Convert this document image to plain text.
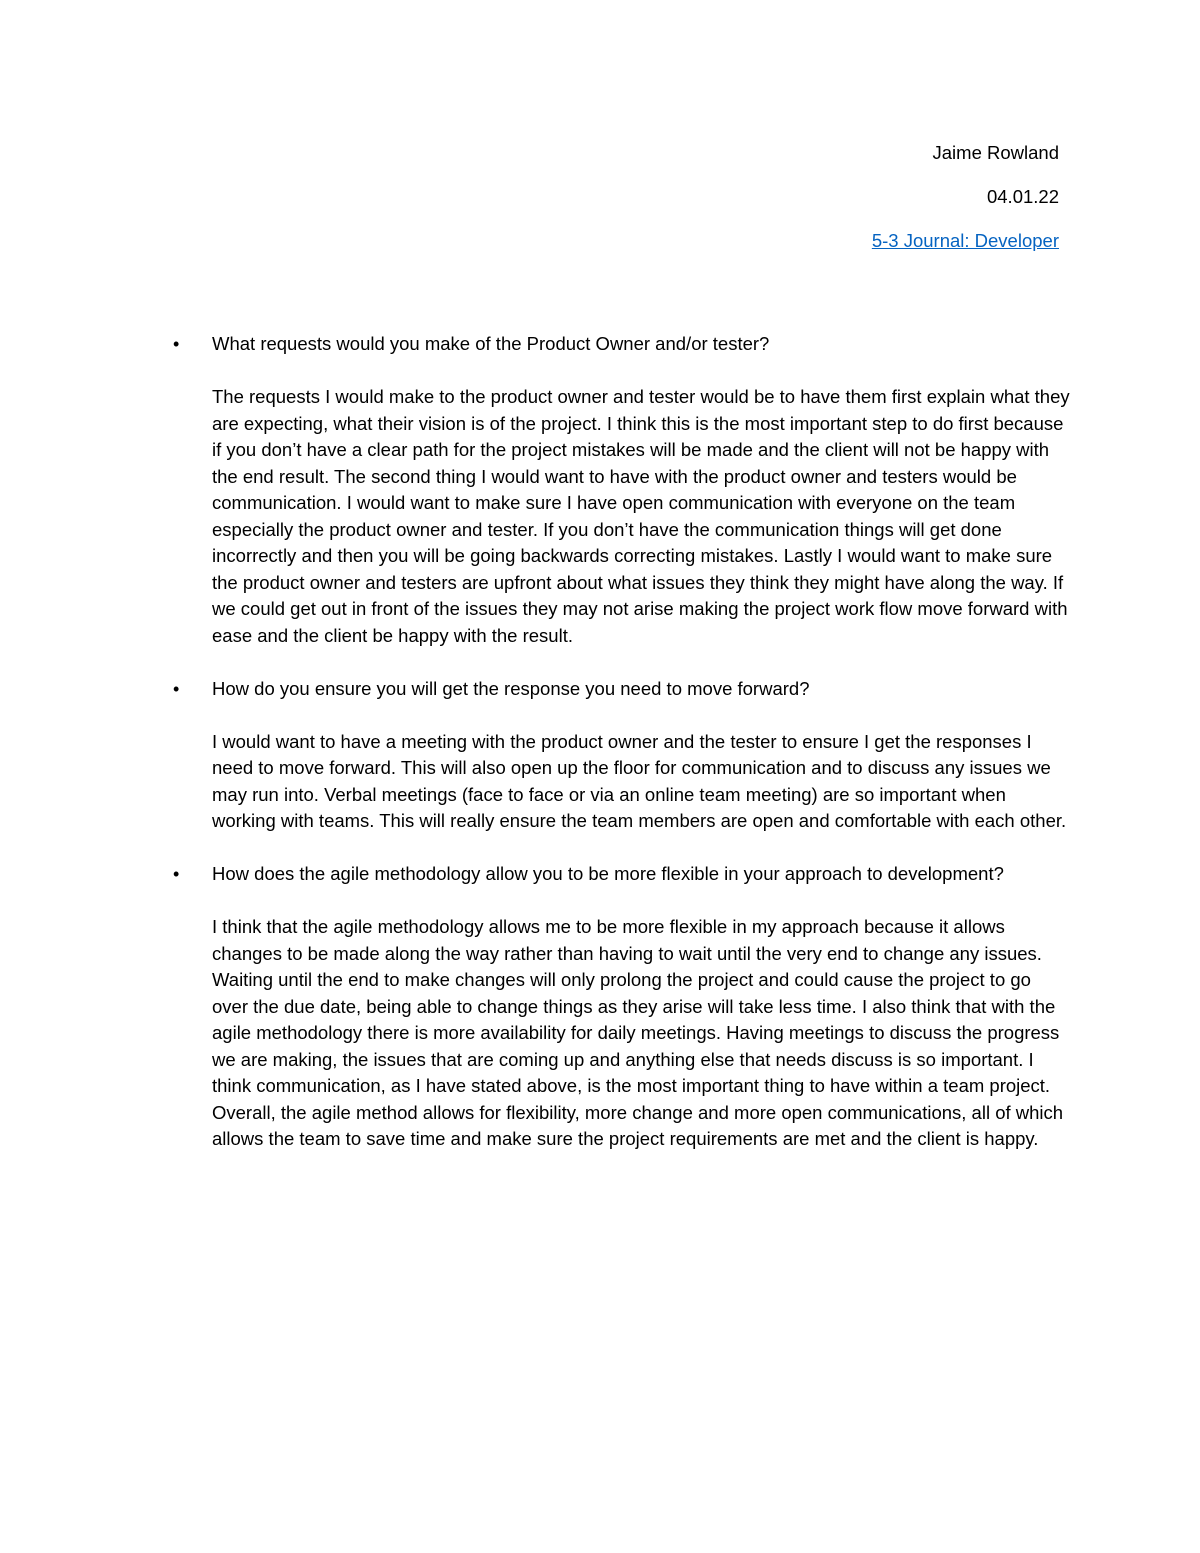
Jaime Rowland
04.01.22
5-3 Journal: Developer
• What requests would you make of the Product Owner and/or tester?

The requests I would make to the product owner and tester would be to have them first explain what they are expecting, what their vision is of the project. I think this is the most important step to do first because if you don’t have a clear path for the project mistakes will be made and the client will not be happy with the end result. The second thing I would want to have with the product owner and testers would be communication. I would want to make sure I have open communication with everyone on the team especially the product owner and tester. If you don’t have the communication things will get done incorrectly and then you will be going backwards correcting mistakes. Lastly I would want to make sure the product owner and testers are upfront about what issues they think they might have along the way. If we could get out in front of the issues they may not arise making the project work flow move forward with ease and the client be happy with the result.

• How do you ensure you will get the response you need to move forward?

I would want to have a meeting with the product owner and the tester to ensure I get the responses I need to move forward. This will also open up the floor for communication and to discuss any issues we may run into. Verbal meetings (face to face or via an online team meeting) are so important when working with teams. This will really ensure the team members are open and comfortable with each other.

• How does the agile methodology allow you to be more flexible in your approach to development?

I think that the agile methodology allows me to be more flexible in my approach because it allows changes to be made along the way rather than having to wait until the very end to change any issues. Waiting until the end to make changes will only prolong the project and could cause the project to go over the due date, being able to change things as they arise will take less time. I also think that with the agile methodology there is more availability for daily meetings. Having meetings to discuss the progress we are making, the issues that are coming up and anything else that needs discuss is so important. I think communication, as I have stated above, is the most important thing to have within a team project. Overall, the agile method allows for flexibility, more change and more open communications, all of which allows the team to save time and make sure the project requirements are met and the client is happy.
